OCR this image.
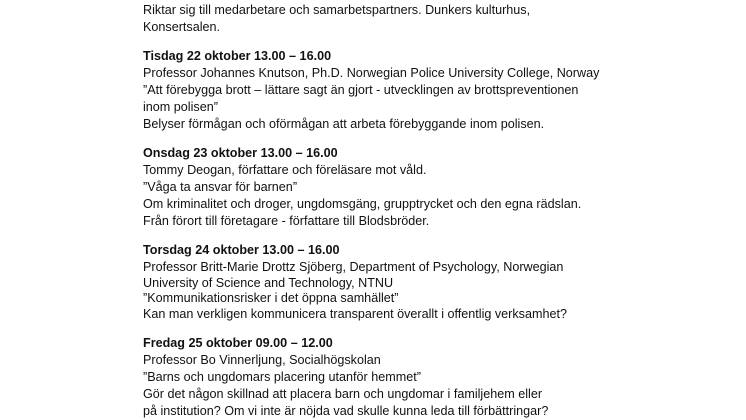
Riktar sig till medarbetare och samarbetspartners. Dunkers kulturhus,

Konsertsalen.

Tisdag 22 oktober 13.00 – 16.00

Professor Johannes Knutson, Ph.D. Norwegian Police University College, Norway

”Att förebygga brott – lättare sagt än gjort - utvecklingen av brottspreventionen

inom polisen”

Belyser förmågan och oförmågan att arbeta förebyggande inom polisen.

Onsdag 23 oktober 13.00 – 16.00

Tommy Deogan, författare och föreläsare mot våld.

”Våga ta ansvar för barnen”

Om kriminalitet och droger, ungdomsgäng, grupptrycket och den egna rädslan.

Från förort till företagare - författare till Blodsbröder.

Torsdag 24 oktober 13.00 – 16.00

Professor Britt-Marie Drottz Sjöberg, Department of Psychology, Norwegian

University of Science and Technology, NTNU

”Kommunikationsrisker i det öppna samhället”

Kan man verkligen kommunicera transparent överallt i offentlig verksamhet?

Fredag 25 oktober 09.00 – 12.00

Professor Bo Vinnerljung, Socialhögskolan

”Barns och ungdomars placering utanför hemmet”

Gör det någon skillnad att placera barn och ungdomar i familjehem eller

på institution? Om vi inte är nöjda vad skulle kunna leda till förbättringar?
